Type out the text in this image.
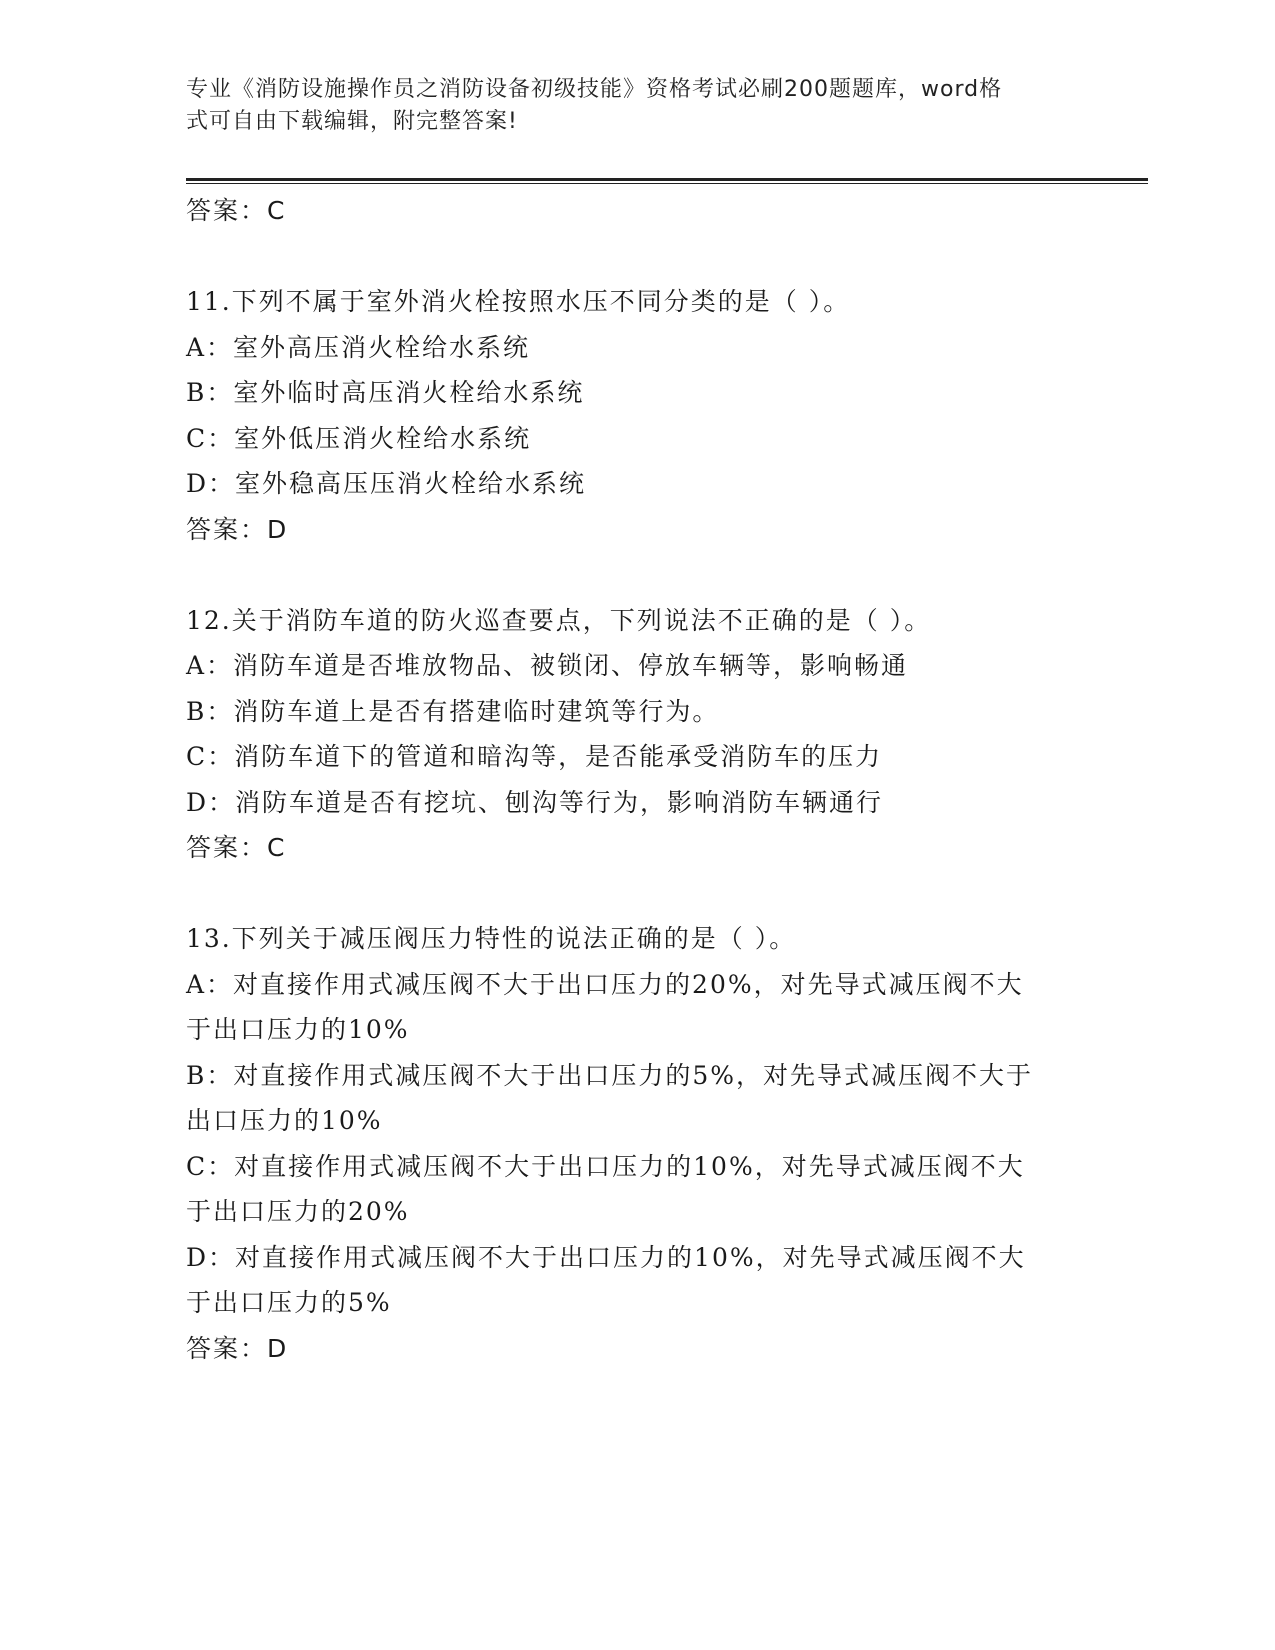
专业《消防设施操作员之消防设备初级技能》资格考试必刷200题题库，word格
式可自由下载编辑，附完整答案!
答案：C
11.下列不属于室外消火栓按照水压不同分类的是（ ）。
A：室外高压消火栓给水系统
B：室外临时高压消火栓给水系统
C：室外低压消火栓给水系统
D：室外稳高压压消火栓给水系统
答案：D
12.关于消防车道的防火巡查要点，下列说法不正确的是（ ）。
A：消防车道是否堆放物品、被锁闭、停放车辆等，影响畅通
B：消防车道上是否有搭建临时建筑等行为。
C：消防车道下的管道和暗沟等，是否能承受消防车的压力
D：消防车道是否有挖坑、刨沟等行为，影响消防车辆通行
答案：C
13.下列关于减压阀压力特性的说法正确的是（ ）。
A：对直接作用式减压阀不大于出口压力的20%，对先导式减压阀不大
于出口压力的10%
B：对直接作用式减压阀不大于出口压力的5%，对先导式减压阀不大于
出口压力的10%
C：对直接作用式减压阀不大于出口压力的10%，对先导式减压阀不大
于出口压力的20%
D：对直接作用式减压阀不大于出口压力的10%，对先导式减压阀不大
于出口压力的5%
答案：D
